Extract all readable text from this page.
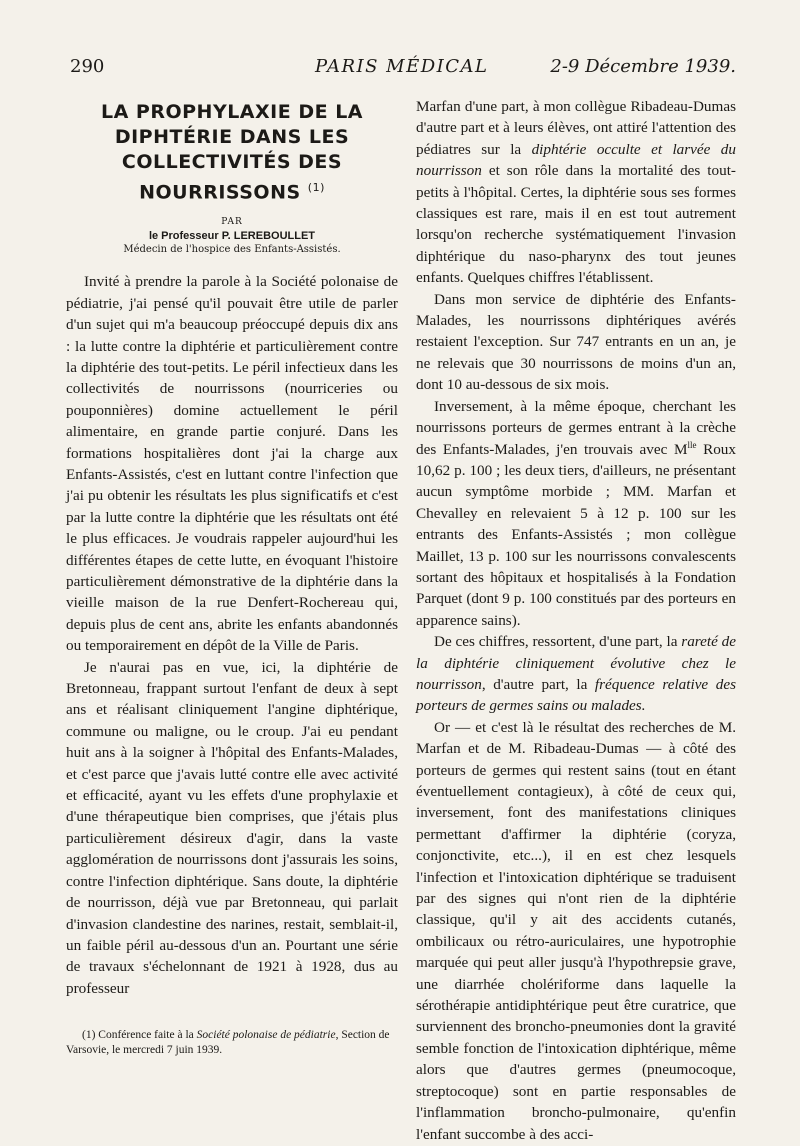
290	PARIS MÉDICAL	2-9 Décembre 1939.
LA PROPHYLAXIE DE LA DIPHTÉRIE DANS LES COLLECTIVITÉS DES NOURRISSONS $^{(1)}$
PAR
le Professeur P. LEREBOULLET
Médecin de l'hospice des Enfants-Assistés.

Invité à prendre la parole à la Société polonaise de pédiatrie, j'ai pensé qu'il pouvait être utile de parler d'un sujet qui m'a beaucoup préoccupé depuis dix ans : la lutte contre la diphtérie et particulièrement contre la diphtérie des tout-petits. Le péril infectieux dans les collectivités de nourrissons (nourriceries ou pouponnières) domine actuellement le péril alimentaire, en grande partie conjuré. Dans les formations hospitalières dont j'ai la charge aux Enfants-Assistés, c'est en luttant contre l'infection que j'ai pu obtenir les résultats les plus significatifs et c'est par la lutte contre la diphtérie que les résultats ont été le plus efficaces. Je voudrais rappeler aujourd'hui les différentes étapes de cette lutte, en évoquant l'histoire particulièrement démonstrative de la diphtérie dans la vieille maison de la rue Denfert-Rochereau qui, depuis plus de cent ans, abrite les enfants abandonnés ou temporairement en dépôt de la Ville de Paris.

Je n'aurai pas en vue, ici, la diphtérie de Bretonneau, frappant surtout l'enfant de deux à sept ans et réalisant cliniquement l'angine diphtérique, commune ou maligne, ou le croup. J'ai eu pendant huit ans à la soigner à l'hôpital des Enfants-Malades, et c'est parce que j'avais lutté contre elle avec activité et efficacité, ayant vu les effets d'une prophylaxie et d'une thérapeutique bien comprises, que j'étais plus particulièrement désireux d'agir, dans la vaste agglomération de nourrissons dont j'assurais les soins, contre l'infection diphtérique. Sans doute, la diphtérie de nourrisson, déjà vue par Bretonneau, qui parlait d'invasion clandestine des narines, restait, semblait-il, un faible péril au-dessous d'un an. Pourtant une série de travaux s'échelonnant de 1921 à 1928, dus au professeur

(1) Conférence faite à la Société polonaise de pédiatrie, Section de Varsovie, le mercredi 7 juin 1939.

Marfan d'une part, à mon collègue Ribadeau-Dumas d'autre part et à leurs élèves, ont attiré l'attention des pédiatres sur la diphtérie occulte et larvée du nourrisson et son rôle dans la mortalité des tout-petits à l'hôpital. Certes, la diphtérie sous ses formes classiques est rare, mais il en est tout autrement lorsqu'on recherche systématiquement l'invasion diphtérique du naso-pharynx des tout jeunes enfants. Quelques chiffres l'établissent.

Dans mon service de diphtérie des Enfants-Malades, les nourrissons diphtériques avérés restaient l'exception. Sur 747 entrants en un an, je ne relevais que 30 nourrissons de moins d'un an, dont 10 au-dessous de six mois.

Inversement, à la même époque, cherchant les nourrissons porteurs de germes entrant à la crèche des Enfants-Malades, j'en trouvais avec $M^{lle}$ Roux 10,62 p. 100 ; les deux tiers, d'ailleurs, ne présentant aucun symptôme morbide ; MM. Marfan et Chevalley en relevaient 5 à 12 p. 100 sur les entrants des Enfants-Assistés ; mon collègue Maillet, 13 p. 100 sur les nourrissons convalescents sortant des hôpitaux et hospitalisés à la Fondation Parquet (dont 9 p. 100 constitués par des porteurs en apparence sains).

De ces chiffres, ressortent, d'une part, la rareté de la diphtérie cliniquement évolutive chez le nourrisson, d'autre part, la fréquence relative des porteurs de germes sains ou malades.

Or — et c'est là le résultat des recherches de M. Marfan et de M. Ribadeau-Dumas — à côté des porteurs de germes qui restent sains (tout en étant éventuellement contagieux), à côté de ceux qui, inversement, font des manifestations cliniques permettant d'affirmer la diphtérie (coryza, conjonctivite, etc...), il en est chez lesquels l'infection et l'intoxication diphtérique se traduisent par des signes qui n'ont rien de la diphtérie classique, qu'il y ait des accidents cutanés, ombilicaux ou rétro-auriculaires, une hypotrophie marquée qui peut aller jusqu'à l'hypothrepsie grave, une diarrhée cholériforme dans laquelle la sérothérapie antidiphtérique peut être curatrice, que surviennent des broncho-pneumonies dont la gravité semble fonction de l'intoxication diphtérique, même alors que d'autres germes (pneumocoque, streptocoque) sont en partie responsables de l'inflammation broncho-pulmonaire, qu'enfin l'enfant succombe à des acci-
